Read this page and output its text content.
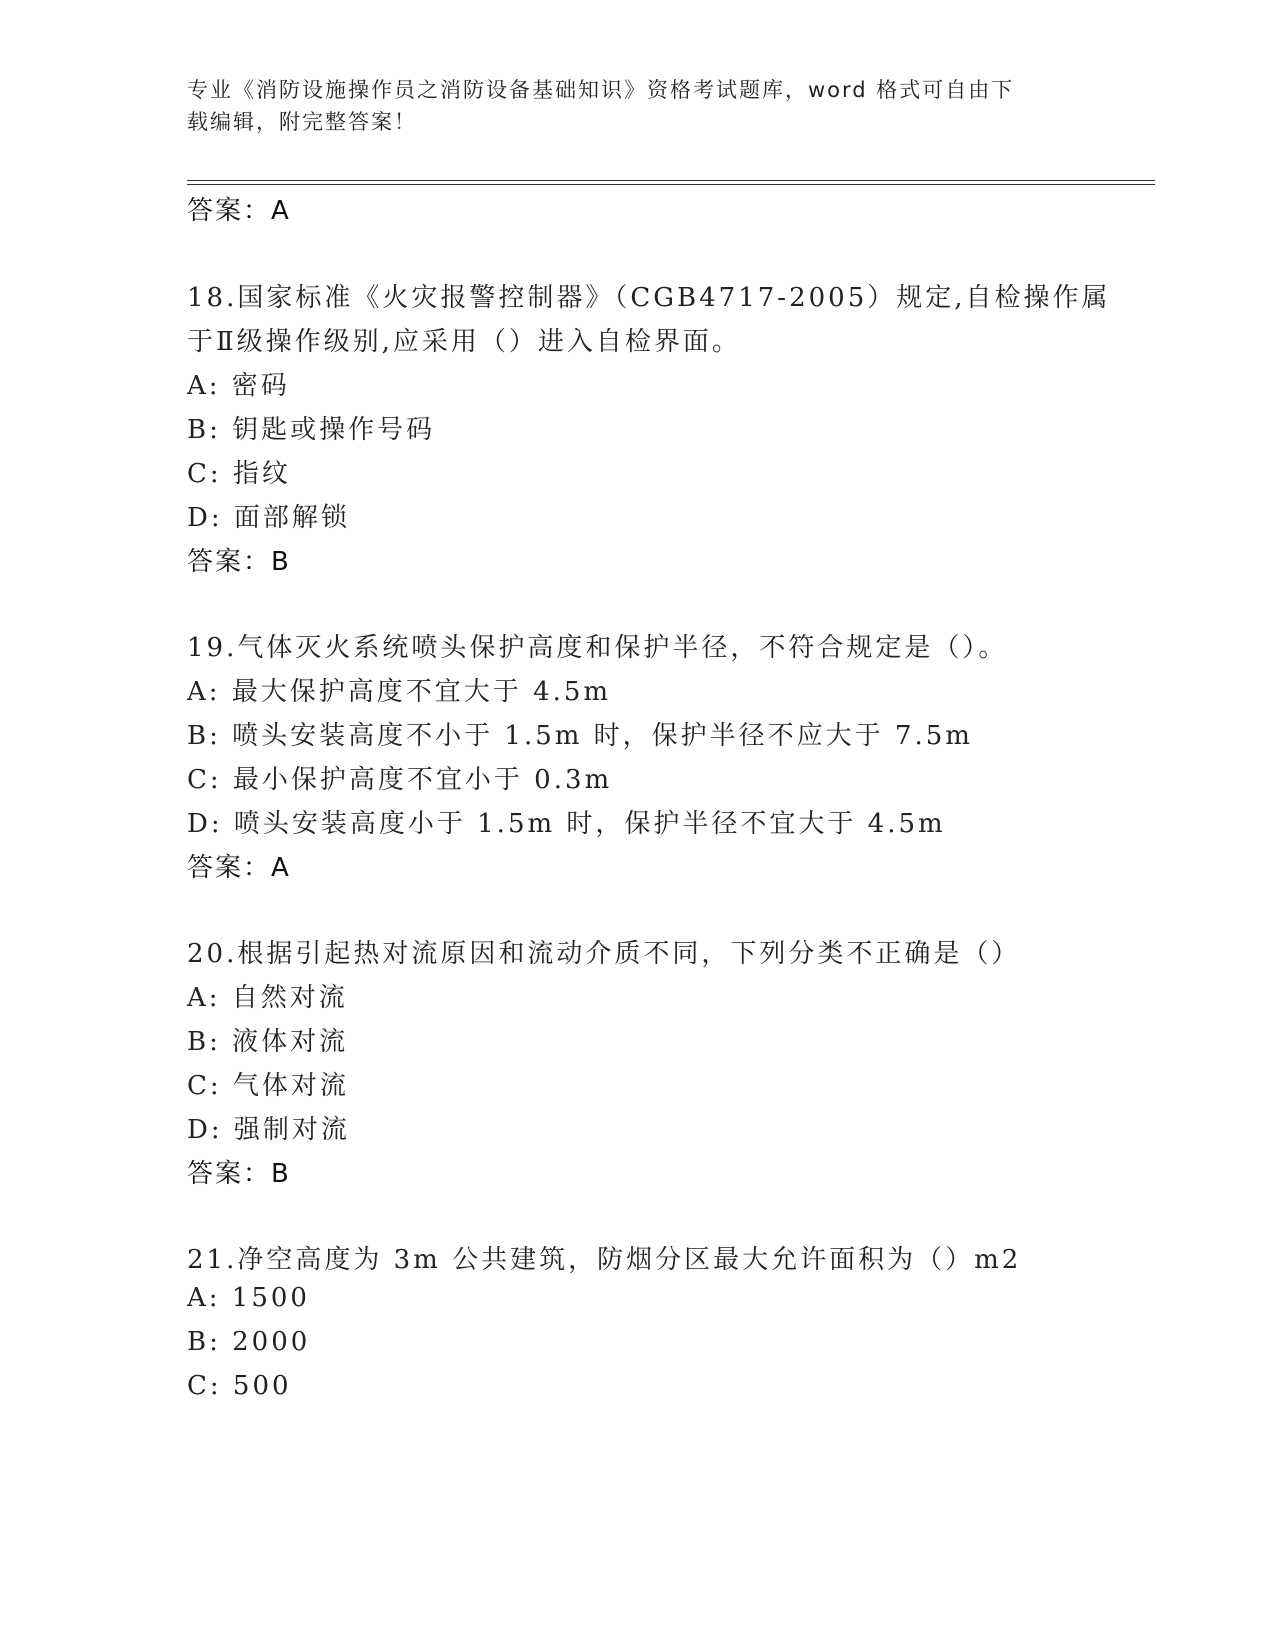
专业《消防设施操作员之消防设备基础知识》资格考试题库，word 格式可自由下
载编辑，附完整答案！
答案：A
18.国家标准《火灾报警控制器》（CGB4717-2005）规定,自检操作属
于Ⅱ级操作级别,应采用（）进入自检界面。
A: 密码
B: 钥匙或操作号码
C: 指纹
D: 面部解锁
答案：B
19.气体灭火系统喷头保护高度和保护半径，不符合规定是（）。
A: 最大保护高度不宜大于 4.5m
B: 喷头安装高度不小于 1.5m 时，保护半径不应大于 7.5m
C: 最小保护高度不宜小于 0.3m
D: 喷头安装高度小于 1.5m 时，保护半径不宜大于 4.5m
答案：A
20.根据引起热对流原因和流动介质不同，下列分类不正确是（）
A: 自然对流
B: 液体对流
C: 气体对流
D: 强制对流
答案：B
21.净空高度为 3m 公共建筑，防烟分区最大允许面积为（）m2
A: 1500
B: 2000
C: 500
